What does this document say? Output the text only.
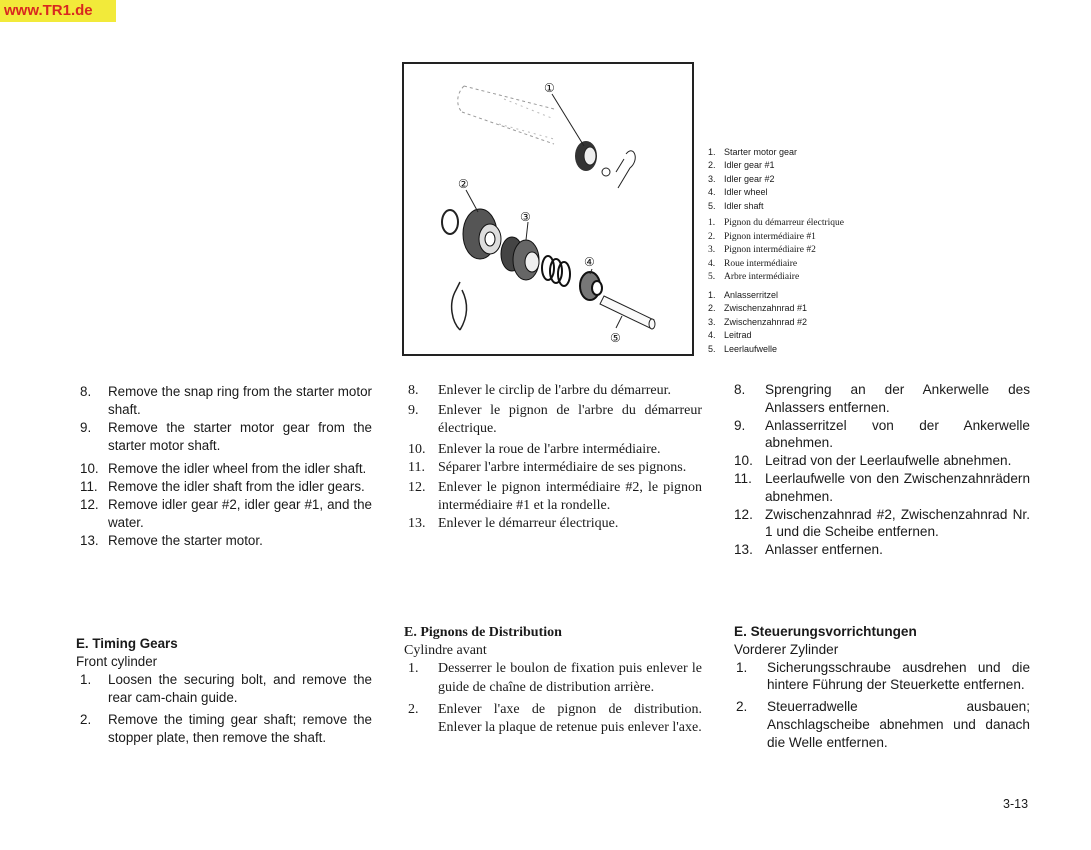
www.TR1.de
①
②
③
④
⑤
1. Starter motor gear
2. Idler gear #1
3. Idler gear #2
4. Idler wheel
5. Idler shaft
1. Pignon du démarreur électrique
2. Pignon intermédiaire #1
3. Pignon intermédiaire #2
4. Roue intermédiaire
5. Arbre intermédiaire
1. Anlasserritzel
2. Zwischenzahnrad #1
3. Zwischenzahnrad #2
4. Leitrad
5. Leerlaufwelle
8.	Remove the snap ring from the starter motor shaft.
9.	Remove the starter motor gear from the starter motor shaft.
10. Remove the idler wheel from the idler shaft.
11. Remove the idler shaft from the idler gears.
12. Remove idler gear #2, idler gear #1, and the water.
13. Remove the starter motor.
8.	Enlever le circlip de l'arbre du démarreur.
9.	Enlever le pignon de l'arbre du démarreur électrique.
10. Enlever la roue de l'arbre intermédiaire.
11. Séparer l'arbre intermédiaire de ses pignons.
12. Enlever le pignon intermédiaire #2, le pignon intermédiaire #1 et la rondelle.
13. Enlever le démarreur électrique.
8.	Sprengring an der Ankerwelle des Anlassers entfernen.
9.	Anlasserritzel von der Ankerwelle abnehmen.
10. Leitrad von der Leerlaufwelle abnehmen.
11. Leerlaufwelle von den Zwischenzahnrädern abnehmen.
12. Zwischenzahnrad #2, Zwischenzahnrad Nr. 1 und die Scheibe entfernen.
13. Anlasser entfernen.
E. Timing Gears
Front cylinder
1.	Loosen the securing bolt, and remove the rear cam-chain guide.
2.	Remove the timing gear shaft; remove the stopper plate, then remove the shaft.
E. Pignons de Distribution
Cylindre avant
1.	Desserrer le boulon de fixation puis enlever le guide de chaîne de distribution arrière.
2.	Enlever l'axe de pignon de distribution. Enlever la plaque de retenue puis enlever l'axe.
E. Steuerungsvorrichtungen
Vorderer Zylinder
1.	Sicherungsschraube ausdrehen und die hintere Führung der Steuerkette entfernen.
2.	Steuerradwelle ausbauen; Anschlagscheibe abnehmen und danach die Welle entfernen.
3-13
